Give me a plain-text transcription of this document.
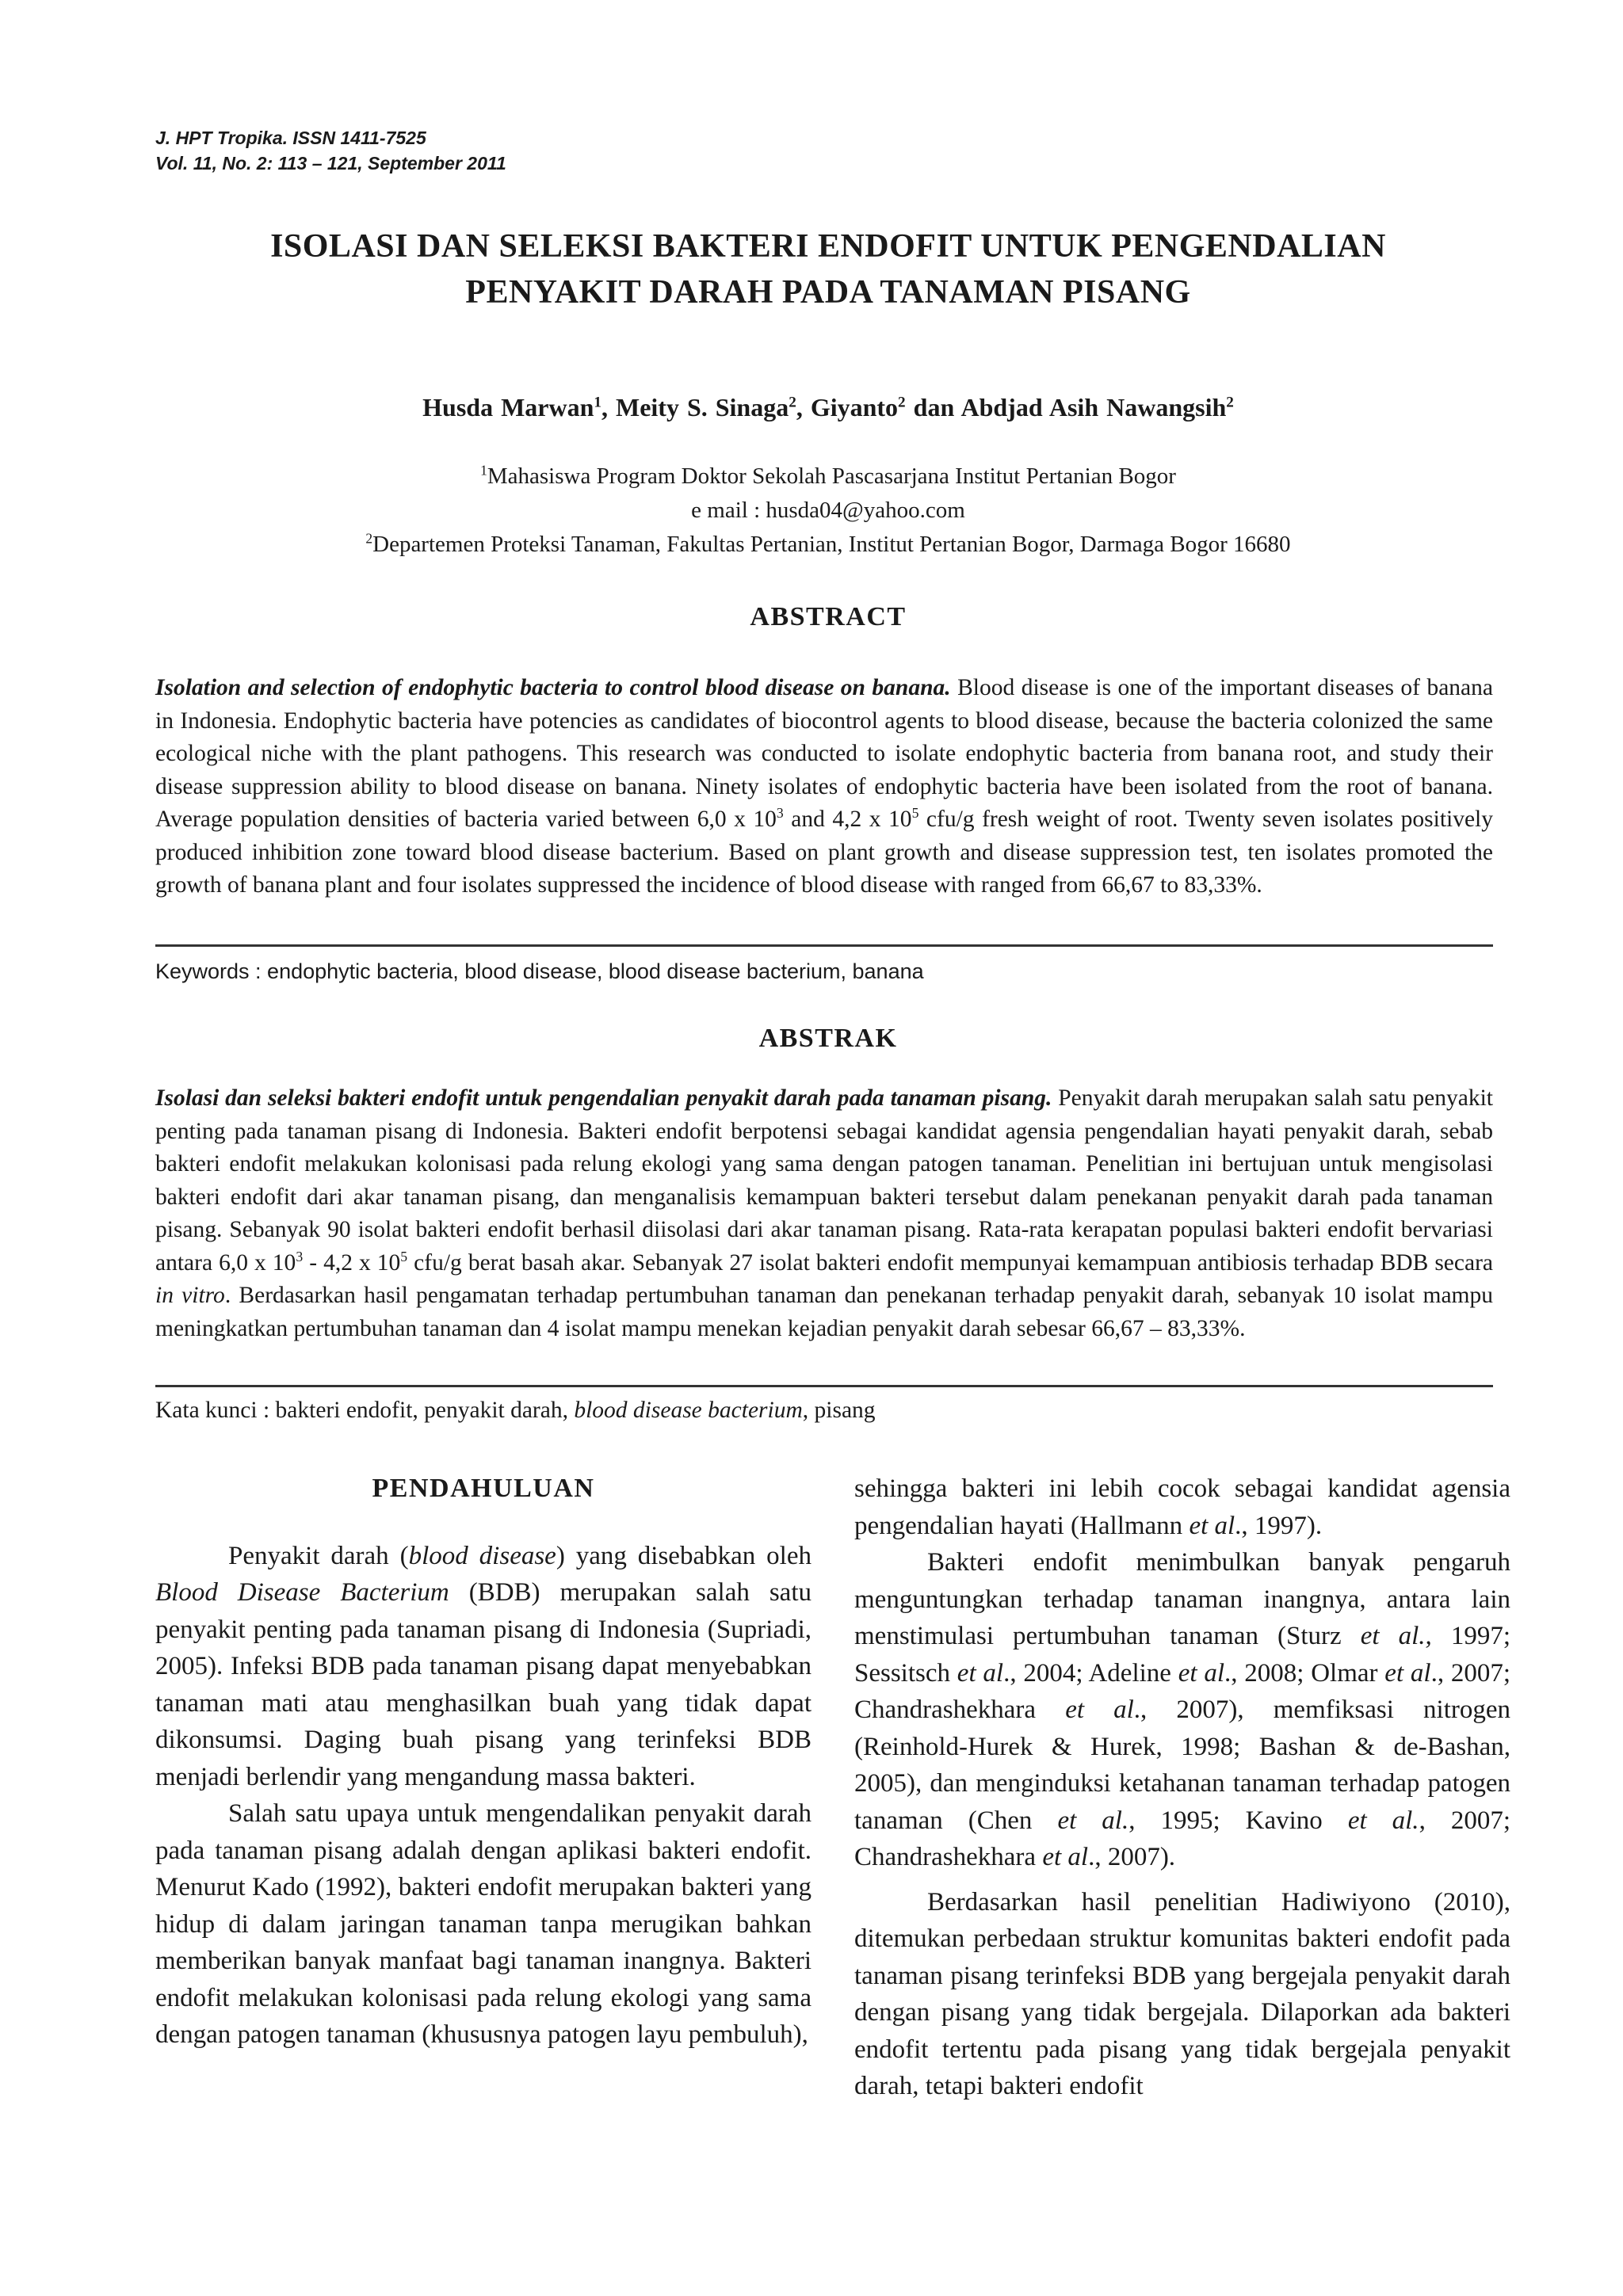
J. HPT Tropika. ISSN 1411-7525
Vol. 11, No. 2: 113 – 121, September 2011
ISOLASI DAN SELEKSI BAKTERI ENDOFIT UNTUK PENGENDALIAN
PENYAKIT DARAH PADA TANAMAN PISANG
Husda Marwan$^1$, Meity S. Sinaga$^2$, Giyanto$^2$ dan Abdjad Asih Nawangsih$^2$
$^1$Mahasiswa Program Doktor Sekolah Pascasarjana Institut Pertanian Bogor
e mail : husda04@yahoo.com
$^2$Departemen Proteksi Tanaman, Fakultas Pertanian, Institut Pertanian Bogor, Darmaga Bogor 16680
ABSTRACT

Isolation and selection of endophytic bacteria to control blood disease on banana. Blood disease is one of the important diseases of banana in Indonesia. Endophytic bacteria have potencies as candidates of biocontrol agents to blood disease, because the bacteria colonized the same ecological niche with the plant pathogens. This research was conducted to isolate endophytic bacteria from banana root, and study their disease suppression ability to blood disease on banana. Ninety isolates of endophytic bacteria have been isolated from the root of banana. Average population densities of bacteria varied between 6,0 x $10^3$ and 4,2 x $10^5$ cfu/g fresh weight of root. Twenty seven isolates positively produced inhibition zone toward blood disease bacterium. Based on plant growth and disease suppression test, ten isolates promoted the growth of banana plant and four isolates suppressed the incidence of blood disease with ranged from 66,67 to 83,33%.

Keywords : endophytic bacteria, blood disease, blood disease bacterium, banana
ABSTRAK

Isolasi dan seleksi bakteri endofit untuk pengendalian penyakit darah pada tanaman pisang. Penyakit darah merupakan salah satu penyakit penting pada tanaman pisang di Indonesia. Bakteri endofit berpotensi sebagai kandidat agensia pengendalian hayati penyakit darah, sebab bakteri endofit melakukan kolonisasi pada relung ekologi yang sama dengan patogen tanaman. Penelitian ini bertujuan untuk mengisolasi bakteri endofit dari akar tanaman pisang, dan menganalisis kemampuan bakteri tersebut dalam penekanan penyakit darah pada tanaman pisang. Sebanyak 90 isolat bakteri endofit berhasil diisolasi dari akar tanaman pisang. Rata-rata kerapatan populasi bakteri endofit bervariasi antara 6,0 x $10^3 - 4,2$ x $10^5$ cfu/g berat basah akar. Sebanyak 27 isolat bakteri endofit mempunyai kemampuan antibiosis terhadap BDB secara in vitro. Berdasarkan hasil pengamatan terhadap pertumbuhan tanaman dan penekanan terhadap penyakit darah, sebanyak 10 isolat mampu meningkatkan pertumbuhan tanaman dan 4 isolat mampu menekan kejadian penyakit darah sebesar 66,67 – 83,33%.

Kata kunci : bakteri endofit, penyakit darah, blood disease bacterium, pisang
PENDAHULUAN

Penyakit darah (blood disease) yang disebabkan oleh Blood Disease Bacterium (BDB) merupakan salah satu penyakit penting pada tanaman pisang di Indonesia (Supriadi, 2005). Infeksi BDB pada tanaman pisang dapat menyebabkan tanaman mati atau menghasilkan buah yang tidak dapat dikonsumsi. Daging buah pisang yang terinfeksi BDB menjadi berlendir yang mengandung massa bakteri.

Salah satu upaya untuk mengendalikan penyakit darah pada tanaman pisang adalah dengan aplikasi bakteri endofit. Menurut Kado (1992), bakteri endofit merupakan bakteri yang hidup di dalam jaringan tanaman tanpa merugikan bahkan memberikan banyak manfaat bagi tanaman inangnya. Bakteri endofit melakukan kolonisasi pada relung ekologi yang sama dengan patogen tanaman (khususnya patogen layu pembuluh),

sehingga bakteri ini lebih cocok sebagai kandidat agensia pengendalian hayati (Hallmann et al., 1997).

Bakteri endofit menimbulkan banyak pengaruh menguntungkan terhadap tanaman inangnya, antara lain menstimulasi pertumbuhan tanaman (Sturz et al., 1997; Sessitsch et al., 2004; Adeline et al., 2008; Olmar et al., 2007; Chandrashekhara et al., 2007), memfiksasi nitrogen (Reinhold-Hurek & Hurek, 1998; Bashan & de-Bashan, 2005), dan menginduksi ketahanan tanaman terhadap patogen tanaman (Chen et al., 1995; Kavino et al., 2007; Chandrashekhara et al., 2007).

Berdasarkan hasil penelitian Hadiwiyono (2010), ditemukan perbedaan struktur komunitas bakteri endofit pada tanaman pisang terinfeksi BDB yang bergejala penyakit darah dengan pisang yang tidak bergejala. Dilaporkan ada bakteri endofit tertentu pada pisang yang tidak bergejala penyakit darah, tetapi bakteri endofit
